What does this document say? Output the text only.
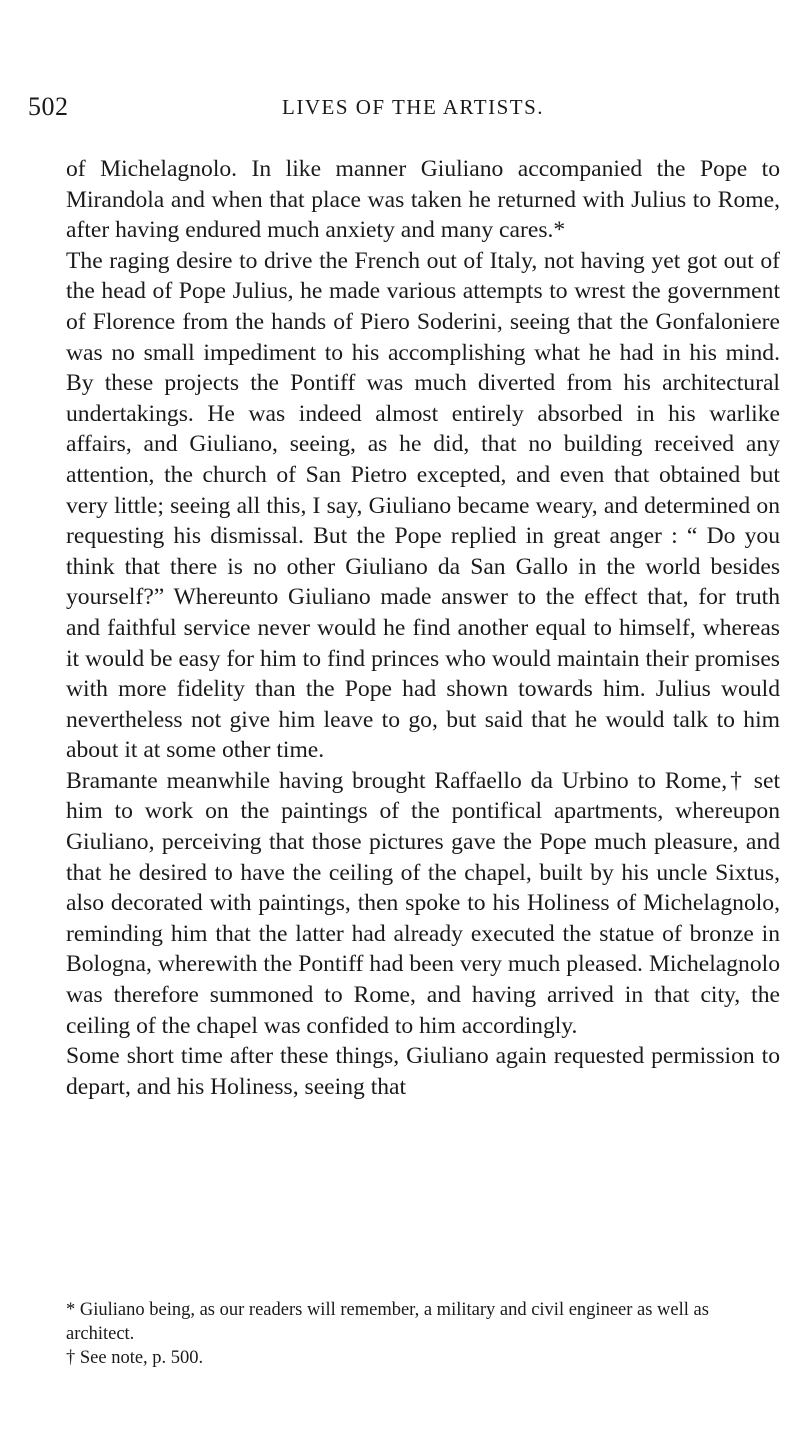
502	LIVES OF THE ARTISTS.

of Michelagnolo. In like manner Giuliano accompanied the Pope to Mirandola and when that place was taken he returned with Julius to Rome, after having endured much anxiety and many cares.*

The raging desire to drive the French out of Italy, not having yet got out of the head of Pope Julius, he made various attempts to wrest the government of Florence from the hands of Piero Soderini, seeing that the Gonfaloniere was no small impediment to his accomplishing what he had in his mind. By these projects the Pontiff was much diverted from his architectural undertakings. He was indeed almost entirely absorbed in his warlike affairs, and Giuliano, seeing, as he did, that no building received any attention, the church of San Pietro excepted, and even that obtained but very little; seeing all this, I say, Giuliano became weary, and determined on requesting his dismissal. But the Pope replied in great anger : “ Do you think that there is no other Giuliano da San Gallo in the world besides yourself?” Whereunto Giuliano made answer to the effect that, for truth and faithful service never would he find another equal to himself, whereas it would be easy for him to find princes who would maintain their promises with more fidelity than the Pope had shown towards him. Julius would nevertheless not give him leave to go, but said that he would talk to him about it at some other time.

Bramante meanwhile having brought Raffaello da Urbino to Rome,† set him to work on the paintings of the pontifical apartments, whereupon Giuliano, perceiving that those pictures gave the Pope much pleasure, and that he desired to have the ceiling of the chapel, built by his uncle Sixtus, also decorated with paintings, then spoke to his Holiness of Michelagnolo, reminding him that the latter had already executed the statue of bronze in Bologna, wherewith the Pontiff had been very much pleased. Michelagnolo was therefore summoned to Rome, and having arrived in that city, the ceiling of the chapel was confided to him accordingly.

Some short time after these things, Giuliano again requested permission to depart, and his Holiness, seeing that

* Giuliano being, as our readers will remember, a military and civil engineer as well as architect.

† See note, p. 500.
